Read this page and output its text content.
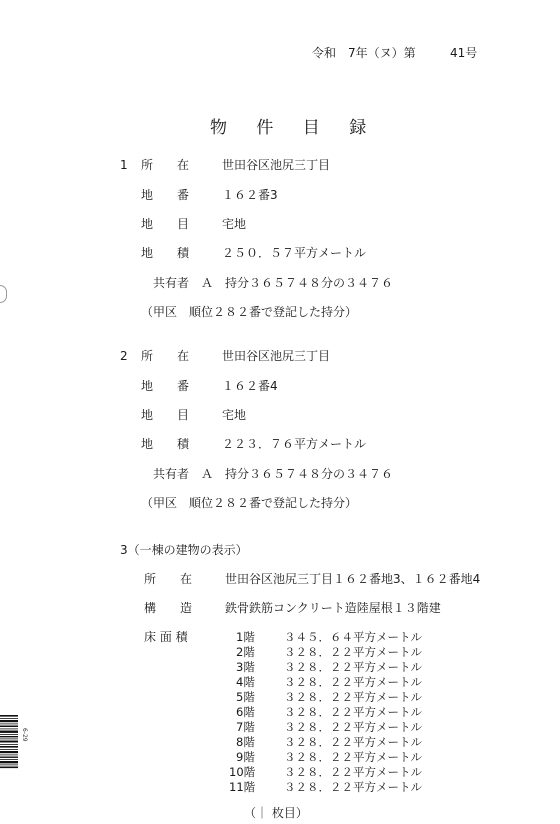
令和 7年（ヌ）第	41号
物 件 目 録
1 所　　在	世田谷区池尻三丁目
地　　番	１６２番3
地　　目	宅地
地　　積	２５０．５７平方メートル
共有者　Ａ　持分３６５７４８分の３４７６
（甲区　順位２８２番で登記した持分）
2 所　　在	世田谷区池尻三丁目
地　　番	１６２番4
地　　目	宅地
地　　積	２２３．７６平方メートル
共有者　Ａ　持分３６５７４８分の３４７６
（甲区　順位２８２番で登記した持分）
3（一棟の建物の表示）
所　　在	世田谷区池尻三丁目１６２番地3、１６２番地4
構　　造	鉄骨鉄筋コンクリート造陸屋根１３階建
床 面 積	1階	３４５．６４平方メートル
2階	３２８．２２平方メートル
3階	３２８．２２平方メートル
4階	３２８．２２平方メートル
5階	３２８．２２平方メートル
6階	３２８．２２平方メートル
7階	３２８．２２平方メートル
8階	３２８．２２平方メートル
9階	３２８．２２平方メートル
10階	３２８．２２平方メートル
11階	３２８．２２平方メートル
（｜ 枚目）
6-29
